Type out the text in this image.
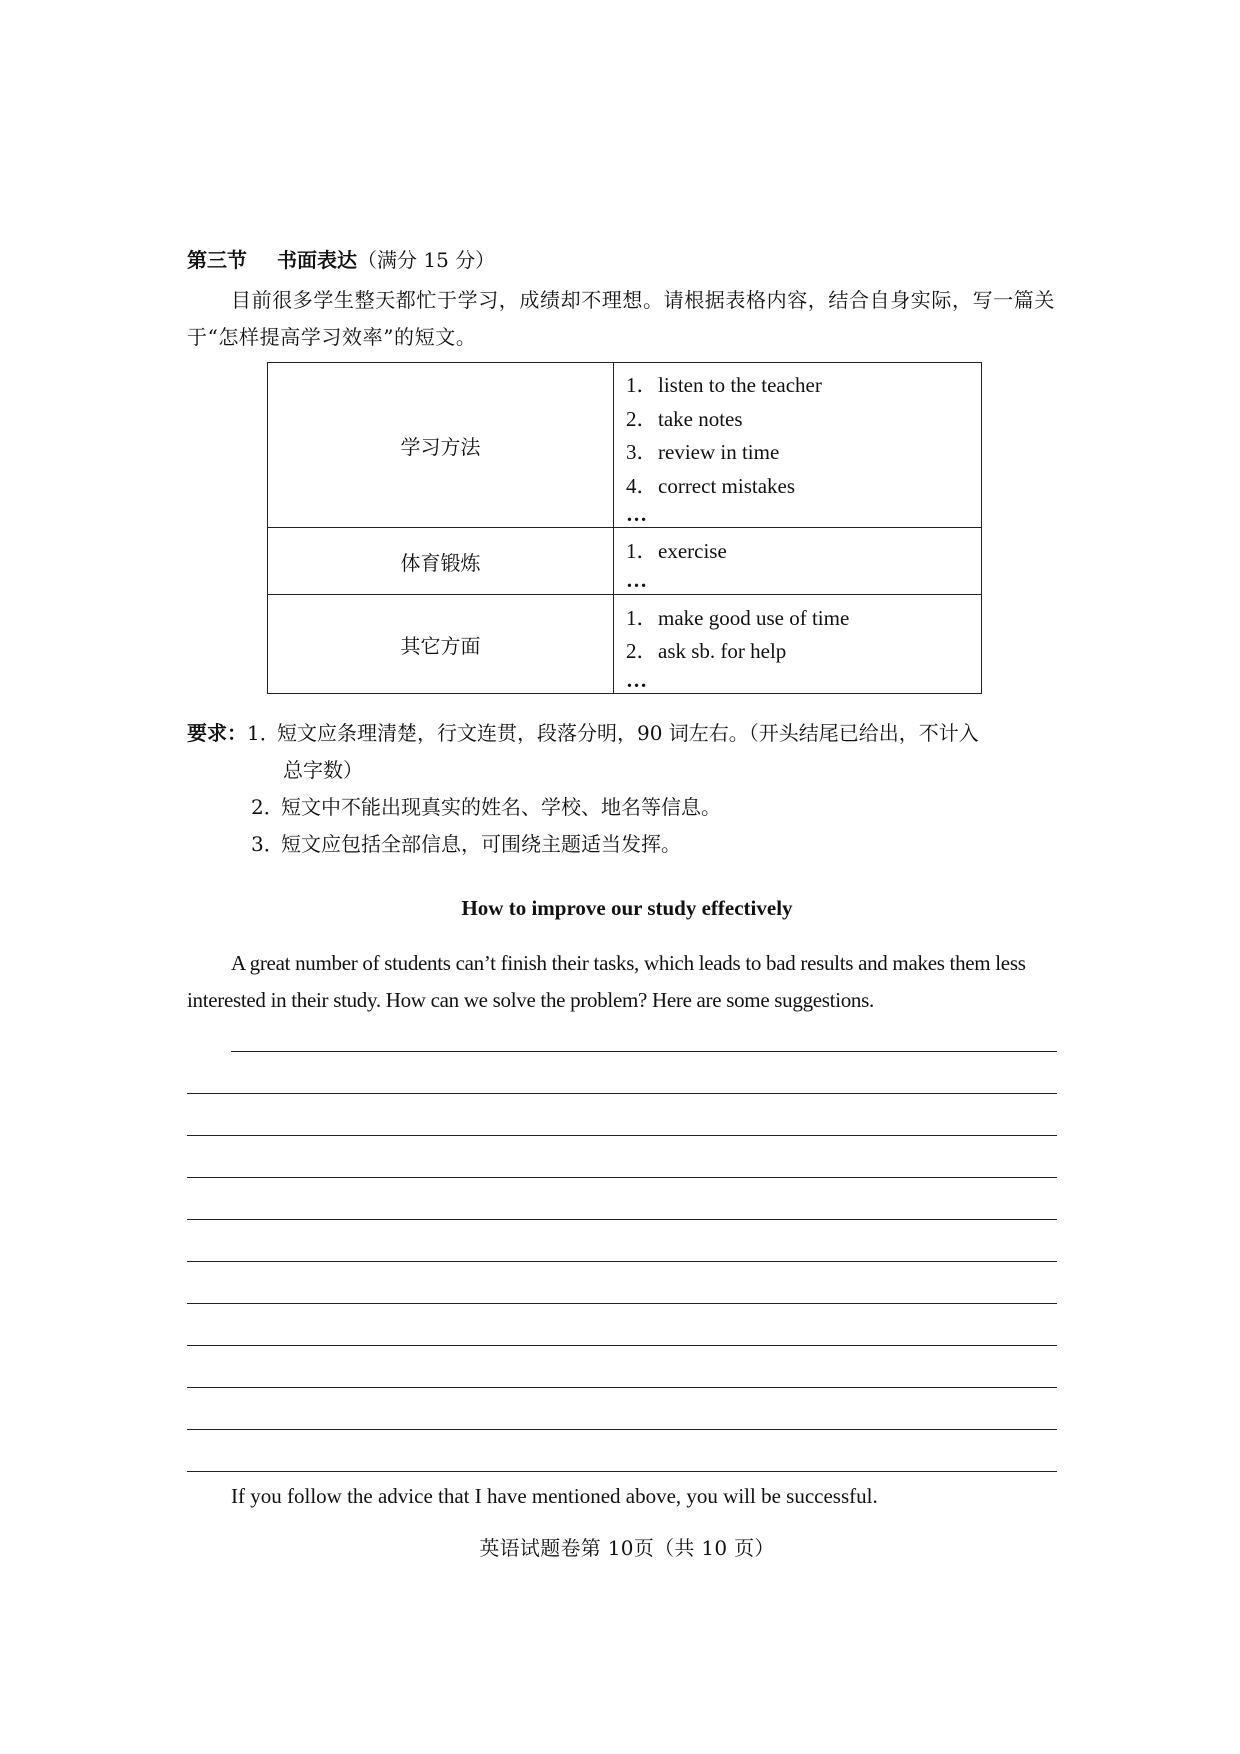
第三节 书面表达（满分 15 分）
目前很多学生整天都忙于学习，成绩却不理想。请根据表格内容，结合自身实际，写一篇关于“怎样提高学习效率”的短文。
学习方法	1．listen to the teacher
2．take notes
3．review in time
4．correct mistakes
…

体育锻炼	1．exercise
…

其它方面	1．make good use of time
2．ask sb. for help
…
要求：1．短文应条理清楚，行文连贯，段落分明，90 词左右。（开头结尾已给出，不计入
总字数）
2．短文中不能出现真实的姓名、学校、地名等信息。
3．短文应包括全部信息，可围绕主题适当发挥。
How to improve our study effectively
A great number of students can’t finish their tasks, which leads to bad results and makes them less interested in their study. How can we solve the problem? Here are some suggestions.
If you follow the advice that I have mentioned above, you will be successful.
英语试题卷第 10页（共 10 页）
